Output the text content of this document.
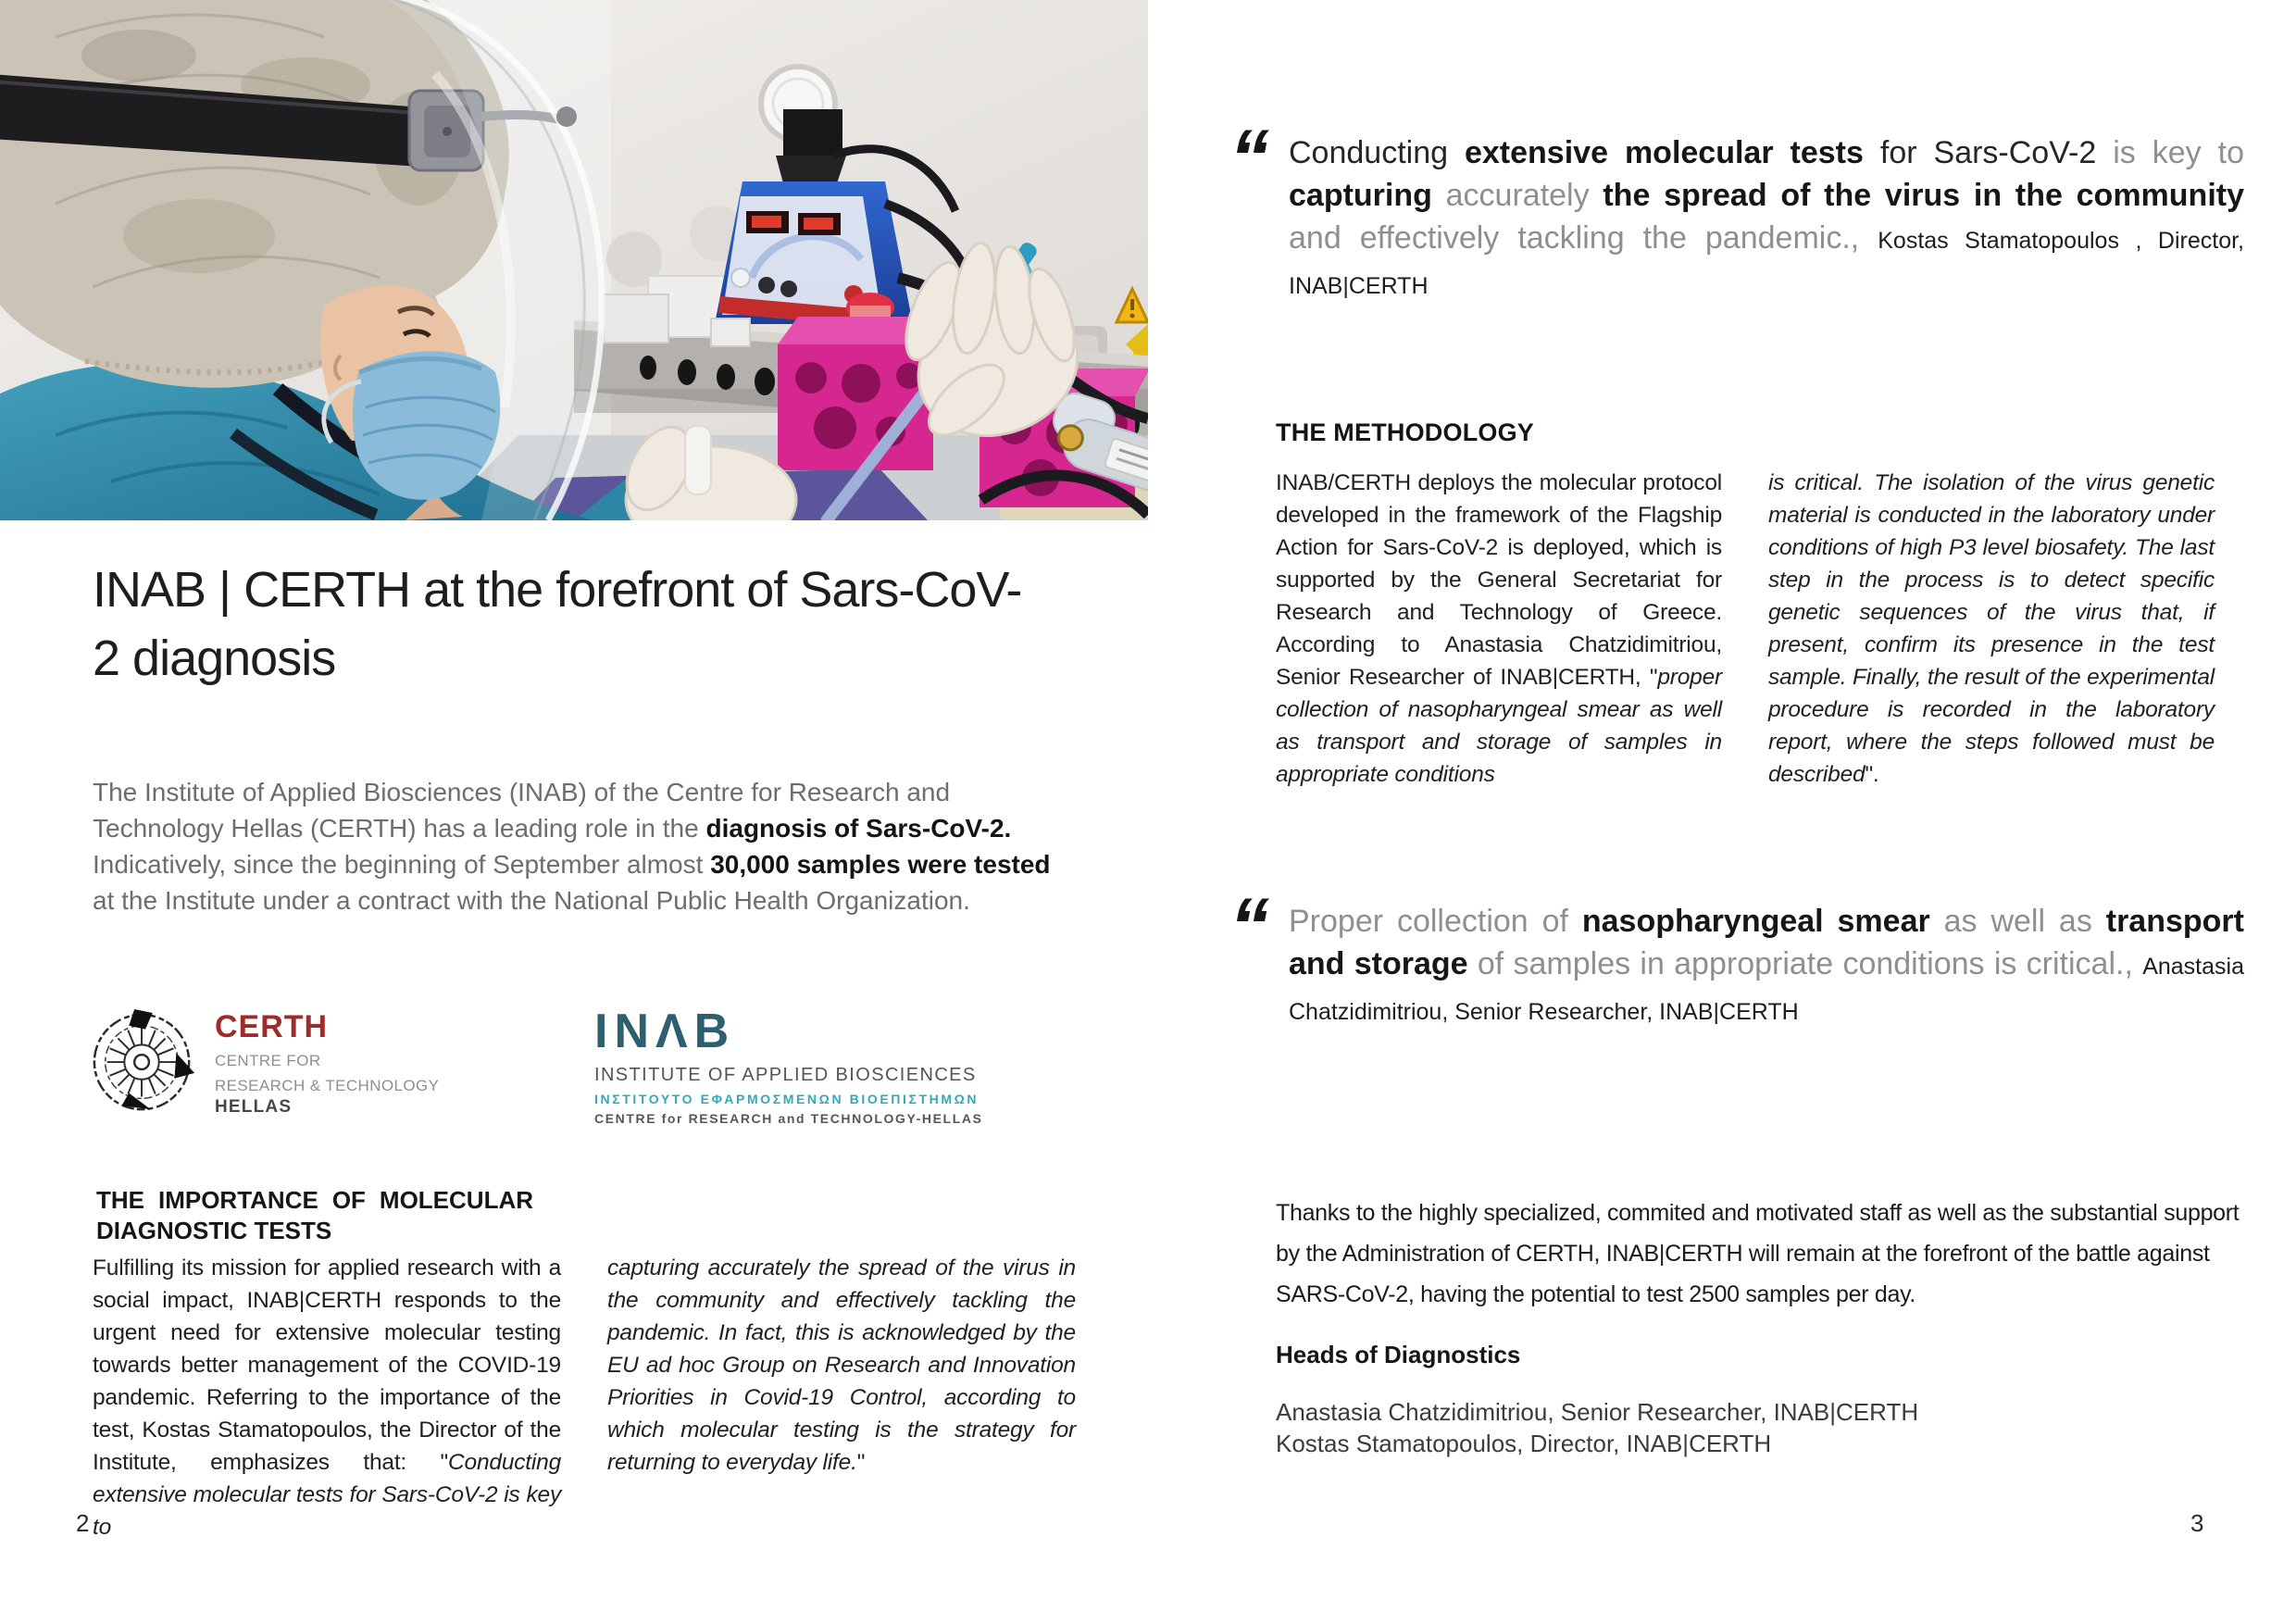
INAB | CERTH at the forefront of Sars-CoV-2 diagnosis

The Institute of Applied Biosciences (INAB) of the Centre for Research and Technology Hellas (CERTH) has a leading role in the diagnosis of Sars-CoV-2. Indicatively, since the beginning of September almost 30,000 samples were tested at the Institute under a contract with the National Public Health Organization.

CERTH
CENTRE FOR
RESEARCH & TECHNOLOGY
HELLAS
INΛB
INSTITUTE OF APPLIED BIOSCIENCES
ΙΝΣΤΙΤΟΥΤΟ ΕΦΑΡΜΟΣΜΕΝΩΝ ΒΙΟΕΠΙΣΤΗΜΩΝ
CENTRE for RESEARCH and TECHNOLOGY-HELLAS
THE IMPORTANCE OF MOLECULAR DIAGNOSTIC TESTS

Fulfilling its mission for applied research with a social impact, INAB|CERTH responds to the urgent need for extensive molecular testing towards better management of the COVID-19 pandemic. Referring to the importance of the test, Kostas Stamatopoulos, the Director of the Institute, emphasizes that: "Conducting extensive molecular tests for Sars-CoV-2 is key to

capturing accurately the spread of the virus in the community and effectively tackling the pandemic. In fact, this is acknowledged by the EU ad hoc Group on Research and Innovation Priorities in Covid-19 Control, according to which molecular testing is the strategy for returning to everyday life."

2
“ Conducting extensive molecular tests for Sars-CoV-2 is key to capturing accurately the spread of the virus in the community and effectively tackling the pandemic., Kostas Stamatopoulos , Director, INAB|CERTH
THE METHODOLOGY

INAB/CERTH deploys the molecular protocol developed in the framework of the Flagship Action for Sars-CoV-2 is deployed, which is supported by the General Secretariat for Research and Technology of Greece. According to Anastasia Chatzidimitriou, Senior Researcher of INAB|CERTH, "proper collection of nasopharyngeal smear as well as transport and storage of samples in appropriate conditions

is critical. The isolation of the virus genetic material is conducted in the laboratory under conditions of high P3 level biosafety. The last step in the process is to detect specific genetic sequences of the virus that, if present, confirm its presence in the test sample. Finally, the result of the experimental procedure is recorded in the laboratory report, where the steps followed must be described".

“ Proper collection of nasopharyngeal smear as well as transport and storage of samples in appropriate conditions is critical., Anastasia Chatzidimitriou, Senior Researcher, INAB|CERTH

Thanks to the highly specialized, commited and motivated staff as well as the substantial support by the Administration of CERTH, INAB|CERTH will remain at the forefront of the battle against SARS-CoV-2, having the potential to test 2500 samples per day.

Heads of Diagnostics
Anastasia Chatzidimitriou, Senior Researcher, INAB|CERTH
Kostas Stamatopoulos, Director, INAB|CERTH
3
